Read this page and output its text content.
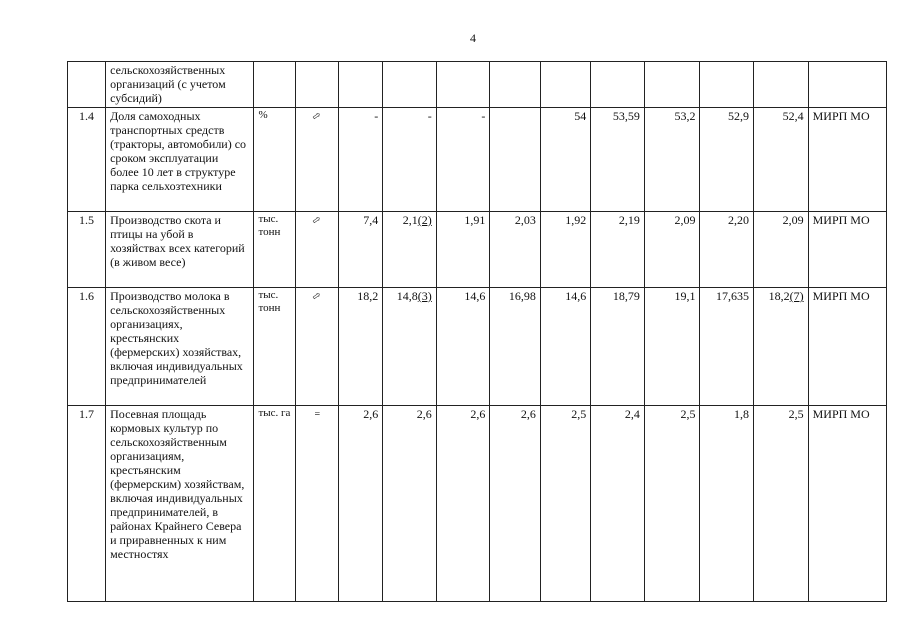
4
	сельскохозяйственных организаций (с учетом субсидий)												
1.4	Доля самоходных транспортных средств (тракторы, автомобили) со сроком эксплуатации более 10 лет в структуре парка сельхозтехники	%	⇨	-	-	-		54	53,59	53,2	52,9	52,4	МИРП МО
1.5	Производство скота и птицы на убой в хозяйствах всех категорий (в живом весе)	тыс. тонн	⇨	7,4	2,1(2)	1,91	2,03	1,92	2,19	2,09	2,20	2,09	МИРП МО
1.6	Производство молока в сельскохозяйственных организациях, крестьянских (фермерских) хозяйствах, включая индивидуальных предпринимателей	тыс. тонн	⇨	18,2	14,8(3)	14,6	16,98	14,6	18,79	19,1	17,635	18,2(7)	МИРП МО
1.7	Посевная площадь кормовых культур по сельскохозяйственным организациям, крестьянским (фермерским) хозяйствам, включая индивидуальных предпринимателей, в районах Крайнего Севера и приравненных к ним местностях	тыс. га	=	2,6	2,6	2,6	2,6	2,5	2,4	2,5	1,8	2,5	МИРП МО
